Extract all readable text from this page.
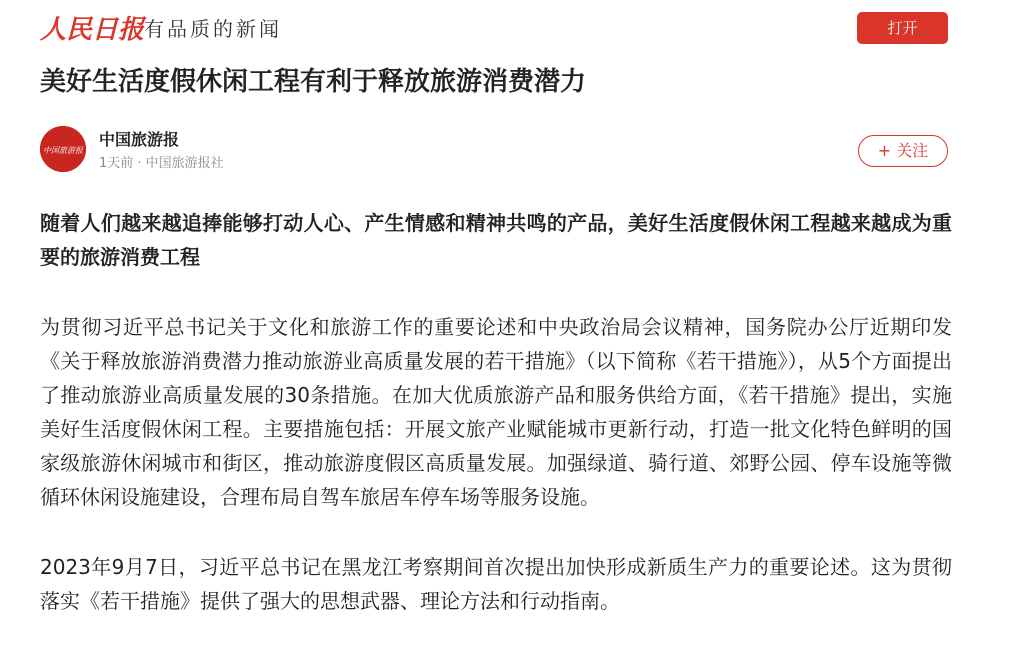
人民日报 有品质的新闻	打开
美好生活度假休闲工程有利于释放旅游消费潜力
中国旅游报
中国旅游报
1天前 · 中国旅游报社
+ 关注

随着人们越来越追捧能够打动人心、产生情感和精神共鸣的产品，美好生活度假休闲工程越来越成为重要的旅游消费工程

为贯彻习近平总书记关于文化和旅游工作的重要论述和中央政治局会议精神，国务院办公厅近期印发《关于释放旅游消费潜力推动旅游业高质量发展的若干措施》（以下简称《若干措施》），从5个方面提出了推动旅游业高质量发展的30条措施。在加大优质旅游产品和服务供给方面，《若干措施》提出，实施美好生活度假休闲工程。主要措施包括：开展文旅产业赋能城市更新行动，打造一批文化特色鲜明的国家级旅游休闲城市和街区，推动旅游度假区高质量发展。加强绿道、骑行道、郊野公园、停车设施等微循环休闲设施建设，合理布局自驾车旅居车停车场等服务设施。

2023年9月7日，习近平总书记在黑龙江考察期间首次提出加快形成新质生产力的重要论述。这为贯彻落实《若干措施》提供了强大的思想武器、理论方法和行动指南。
